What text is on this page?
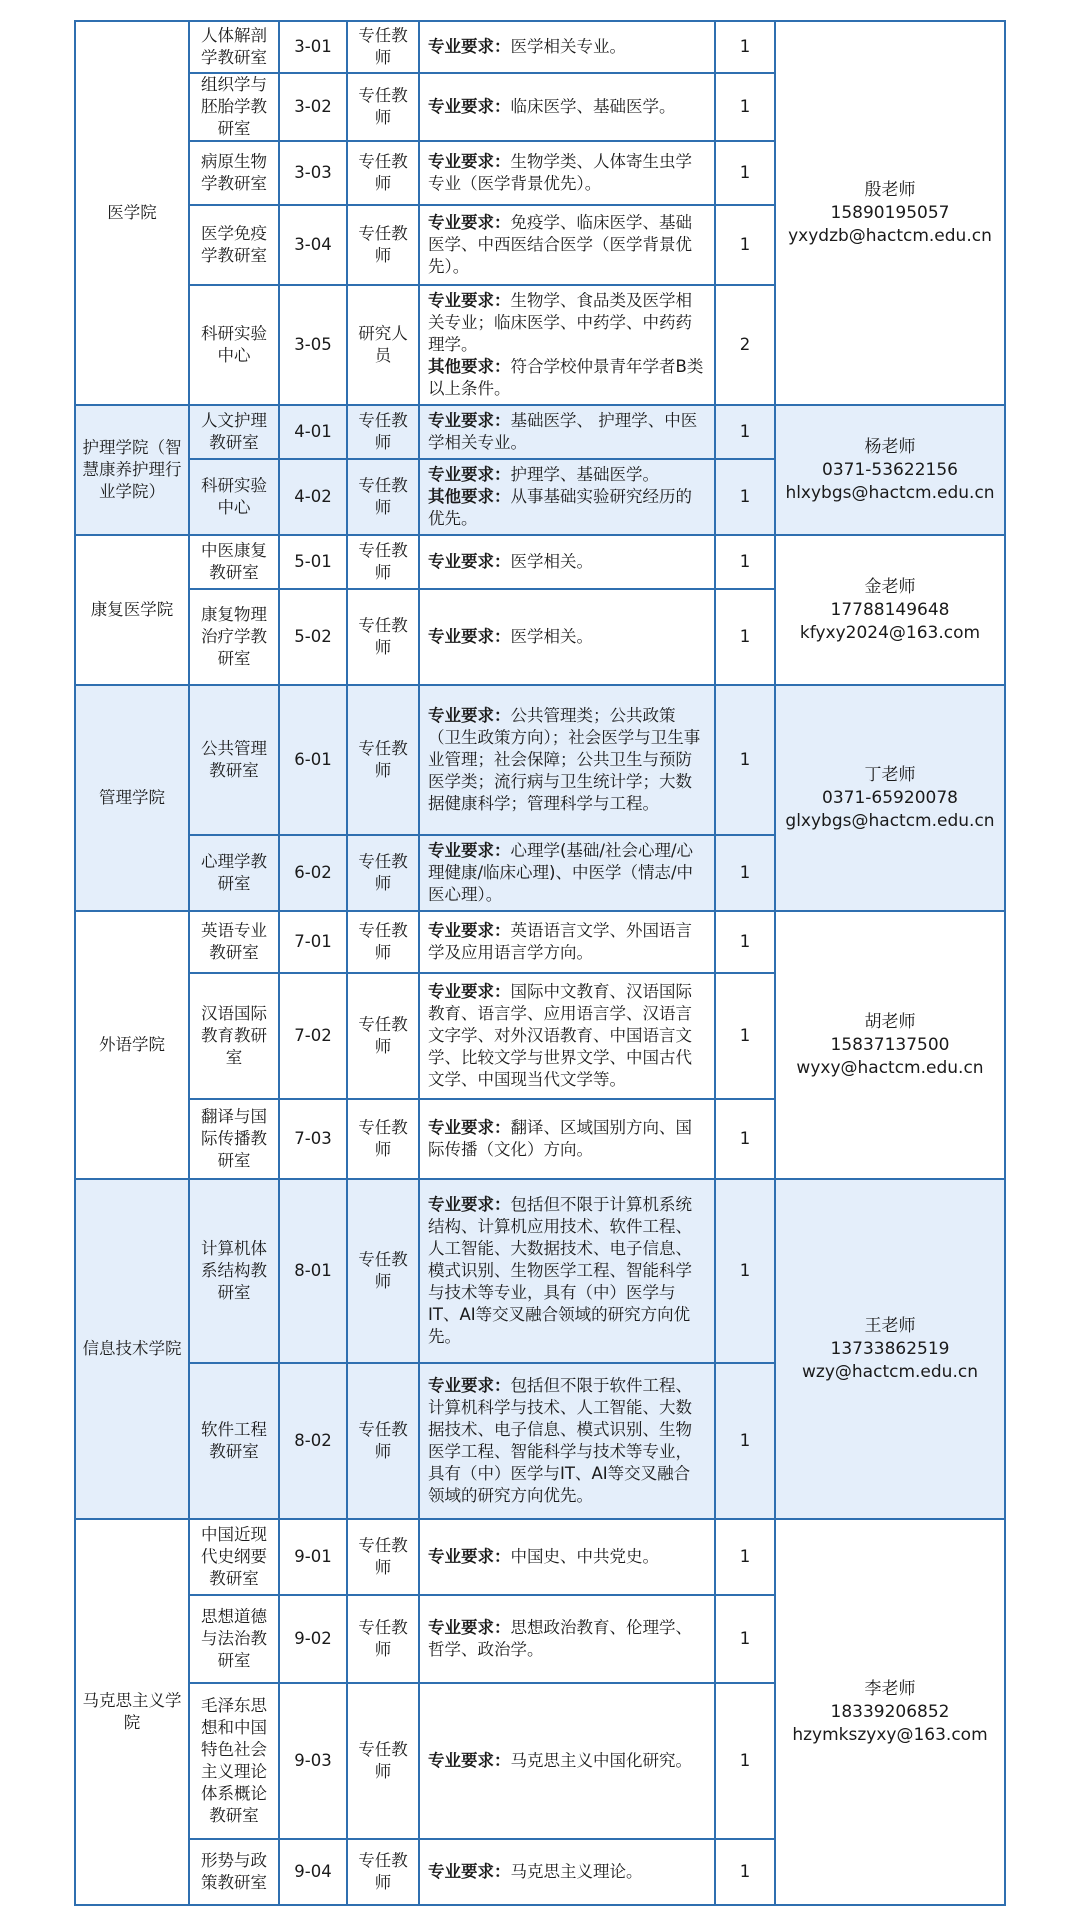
医学院	人体解剖学教研室	3-01	专任教师	专业要求：医学相关专业。	1	殷老师
15890195057
yxydzb@hactcm.edu.cn

	组织学与胚胎学教研室	3-02	专任教师	专业要求：临床医学、基础医学。	1	
	病原生物学教研室	3-03	专任教师	专业要求：生物学类、人体寄生虫学专业（医学背景优先）。	1	
	医学免疫学教研室	3-04	专任教师	专业要求：免疫学、临床医学、基础医学、中西医结合医学（医学背景优先）。	1	
	科研实验中心	3-05	研究人员	专业要求：生物学、食品类及医学相关专业；临床医学、中药学、中药药理学。
其他要求：符合学校仲景青年学者B类以上条件。	2	
护理学院（智慧康养护理行业学院）	人文护理教研室	4-01	专任教师	专业要求：基础医学、 护理学、中医学相关专业。	1	杨老师
0371-53622156
hlxybgs@hactcm.edu.cn

	科研实验中心	4-02	专任教师	专业要求：护理学、基础医学。
其他要求：从事基础实验研究经历的优先。	1	
康复医学院	中医康复教研室	5-01	专任教师	专业要求：医学相关。	1	金老师
17788149648
kfyxy2024@163.com

	康复物理治疗学教研室	5-02	专任教师	专业要求：医学相关。	1	
管理学院	公共管理教研室	6-01	专任教师	专业要求：公共管理类；公共政策（卫生政策方向）；社会医学与卫生事业管理；社会保障；公共卫生与预防医学类；流行病与卫生统计学；大数据健康科学；管理科学与工程。	1	丁老师
0371-65920078
glxybgs@hactcm.edu.cn

	心理学教研室	6-02	专任教师	专业要求：心理学(基础/社会心理/心理健康/临床心理)、中医学（情志/中医心理）。	1	
外语学院	英语专业教研室	7-01	专任教师	专业要求：英语语言文学、外国语言学及应用语言学方向。	1	胡老师
15837137500
wyxy@hactcm.edu.cn

	汉语国际教育教研室	7-02	专任教师	专业要求：国际中文教育、汉语国际教育、语言学、应用语言学、汉语言文字学、对外汉语教育、中国语言文学、比较文学与世界文学、中国古代文学、中国现当代文学等。	1	
	翻译与国际传播教研室	7-03	专任教师	专业要求：翻译、区域国别方向、国际传播（文化）方向。	1	
信息技术学院	计算机体系结构教研室	8-01	专任教师	专业要求：包括但不限于计算机系统结构、计算机应用技术、软件工程、人工智能、大数据技术、电子信息、模式识别、生物医学工程、智能科学与技术等专业，具有（中）医学与IT、AI等交叉融合领域的研究方向优先。	1	王老师
13733862519
wzy@hactcm.edu.cn

	软件工程教研室	8-02	专任教师	专业要求：包括但不限于软件工程、计算机科学与技术、人工智能、大数据技术、电子信息、模式识别、生物医学工程、智能科学与技术等专业，具有（中）医学与IT、AI等交叉融合领域的研究方向优先。	1	
马克思主义学院	中国近现代史纲要教研室	9-01	专任教师	专业要求：中国史、中共党史。	1	李老师
18339206852
hzymkszyxy@163.com

	思想道德与法治教研室	9-02	专任教师	专业要求：思想政治教育、伦理学、哲学、政治学。	1	
	毛泽东思想和中国特色社会主义理论体系概论教研室	9-03	专任教师	专业要求：马克思主义中国化研究。	1	
	形势与政策教研室	9-04	专任教师	专业要求：马克思主义理论。	1	
